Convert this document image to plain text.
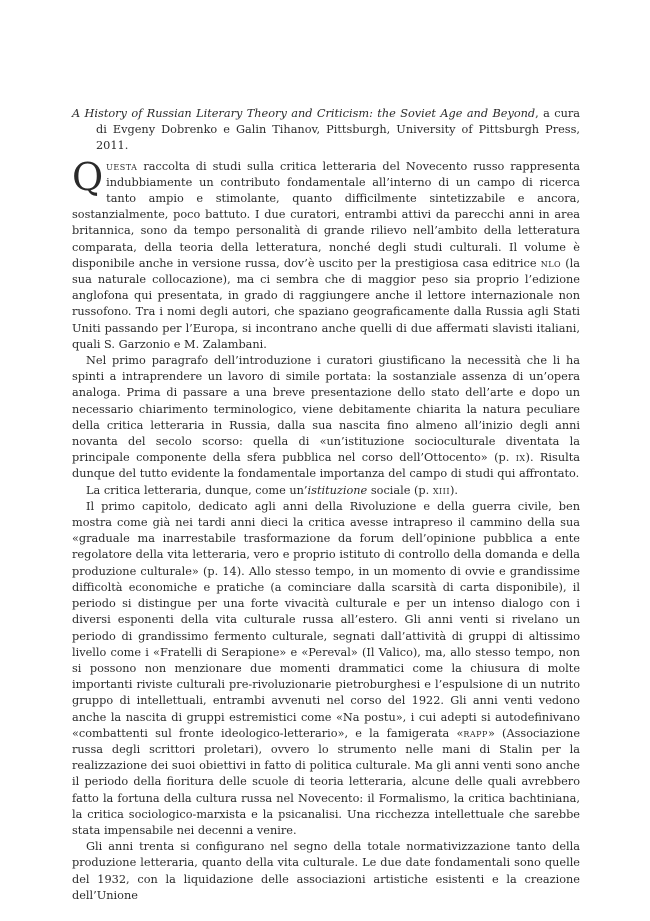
A History of Russian Literary Theory and Criticism: the Soviet Age and Beyond, a cura di Evgeny Dobrenko e Galin Tihanov, Pittsburgh, University of Pittsburgh Press, 2011.

Questa raccolta di studi sulla critica letteraria del Novecento russo rappresenta indubbiamente un contributo fondamentale all’interno di un campo di ricerca tanto ampio e stimolante, quanto difficilmente sintetizzabile e ancora, sostanzialmente, poco battuto. I due curatori, entrambi attivi da parecchi anni in area britannica, sono da tempo personalità di grande rilievo nell’ambito della letteratura comparata, della teoria della letteratura, nonché degli studi culturali. Il volume è disponibile anche in versione russa, dov’è uscito per la prestigiosa casa editrice nlo (la sua naturale collocazione), ma ci sembra che di maggior peso sia proprio l’edizione anglofona qui presentata, in grado di raggiungere anche il lettore internazionale non russofono. Tra i nomi degli autori, che spaziano geograficamente dalla Russia agli Stati Uniti passando per l’Europa, si incontrano anche quelli di due affermati slavisti italiani, quali S. Garzonio e M. Zalambani.

Nel primo paragrafo dell’introduzione i curatori giustificano la necessità che li ha spinti a intraprendere un lavoro di simile portata: la sostanziale assenza di un’opera analoga. Prima di passare a una breve presentazione dello stato dell’arte e dopo un necessario chiarimento terminologico, viene debitamente chiarita la natura peculiare della critica letteraria in Russia, dalla sua nascita fino almeno all’inizio degli anni novanta del secolo scorso: quella di «un’istituzione socioculturale diventata la principale componente della sfera pubblica nel corso dell’Ottocento» (p. ix). Risulta dunque del tutto evidente la fondamentale importanza del campo di studi qui affrontato.

La critica letteraria, dunque, come un’istituzione sociale (p. xiii).

Il primo capitolo, dedicato agli anni della Rivoluzione e della guerra civile, ben mostra come già nei tardi anni dieci la critica avesse intrapreso il cammino della sua «graduale ma inarrestabile trasformazione da forum dell’opinione pubblica a ente regolatore della vita letteraria, vero e proprio istituto di controllo della domanda e della produzione culturale» (p. 14). Allo stesso tempo, in un momento di ovvie e grandissime difficoltà economiche e pratiche (a cominciare dalla scarsità di carta disponibile), il periodo si distingue per una forte vivacità culturale e per un intenso dialogo con i diversi esponenti della vita culturale russa all’estero. Gli anni venti si rivelano un periodo di grandissimo fermento culturale, segnati dall’attività di gruppi di altissimo livello come i «Fratelli di Serapione» e «Pereval» (Il Valico), ma, allo stesso tempo, non si possono non menzionare due momenti drammatici come la chiusura di molte importanti riviste culturali pre-rivoluzionarie pietroburghesi e l’espulsione di un nutrito gruppo di intellettuali, entrambi avvenuti nel corso del 1922. Gli anni venti vedono anche la nascita di gruppi estremistici come «Na postu», i cui adepti si autodefinivano «combattenti sul fronte ideologico-letterario», e la famigerata «rapp» (Associazione russa degli scrittori proletari), ovvero lo strumento nelle mani di Stalin per la realizzazione dei suoi obiettivi in fatto di politica culturale. Ma gli anni venti sono anche il periodo della fioritura delle scuole di teoria letteraria, alcune delle quali avrebbero fatto la fortuna della cultura russa nel Novecento: il Formalismo, la critica bachtiniana, la critica sociologico-marxista e la psicanalisi. Una ricchezza intellettuale che sarebbe stata impensabile nei decenni a venire.

Gli anni trenta si configurano nel segno della totale normativizzazione tanto della produzione letteraria, quanto della vita culturale. Le due date fondamentali sono quelle del 1932, con la liquidazione delle associazioni artistiche esistenti e la creazione dell’Unione
